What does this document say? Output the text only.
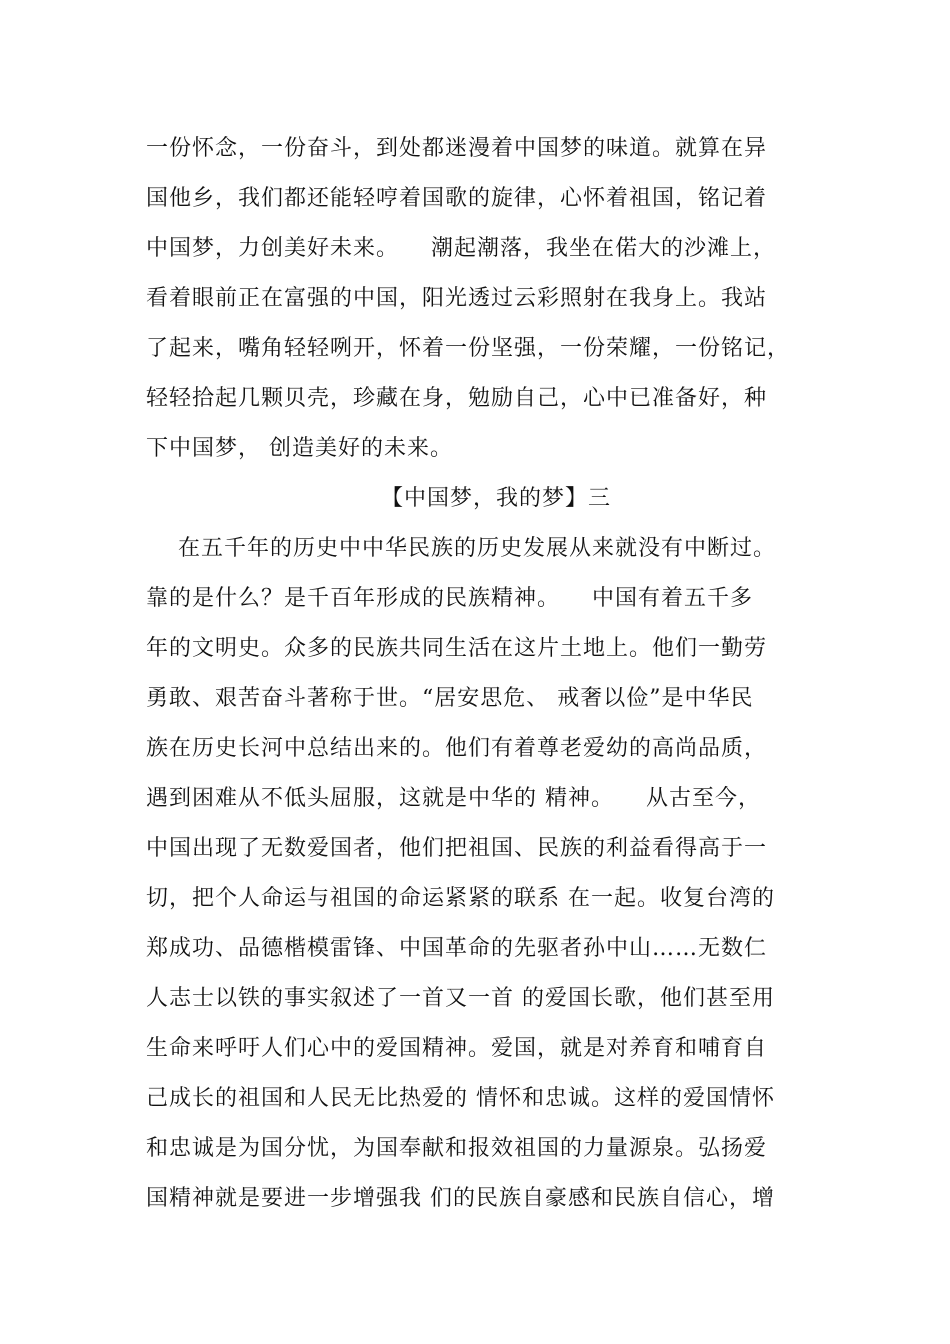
一份怀念，一份奋斗，到处都迷漫着中国梦的味道。就算在异
国他乡，我们都还能轻哼着国歌的旋律，心怀着祖国，铭记着
中国梦，力创美好未来。    潮起潮落，我坐在偌大的沙滩上，
看着眼前正在富强的中国，阳光透过云彩照射在我身上。我站
了起来，嘴角轻轻咧开，怀着一份坚强，一份荣耀，一份铭记，
轻轻拾起几颗贝壳，珍藏在身，勉励自己，心中已准备好，种
下中国梦， 创造美好的未来。
【中国梦，我的梦】三
在五千年的历史中中华民族的历史发展从来就没有中断过。
靠的是什么？是千百年形成的民族精神。    中国有着五千多
年的文明史。众多的民族共同生活在这片土地上。他们一勤劳
勇敢、艰苦奋斗著称于世。“居安思危、 戒奢以俭”是中华民
族在历史长河中总结出来的。他们有着尊老爱幼的高尚品质，
遇到困难从不低头屈服，这就是中华的 精神。    从古至今，
中国出现了无数爱国者，他们把祖国、民族的利益看得高于一
切，把个人命运与祖国的命运紧紧的联系 在一起。收复台湾的
郑成功、品德楷模雷锋、中国革命的先驱者孙中山……无数仁
人志士以铁的事实叙述了一首又一首 的爱国长歌，他们甚至用
生命来呼吁人们心中的爱国精神。爱国，就是对养育和哺育自
己成长的祖国和人民无比热爱的 情怀和忠诚。这样的爱国情怀
和忠诚是为国分忧，为国奉献和报效祖国的力量源泉。弘扬爱
国精神就是要进一步增强我 们的民族自豪感和民族自信心，增
